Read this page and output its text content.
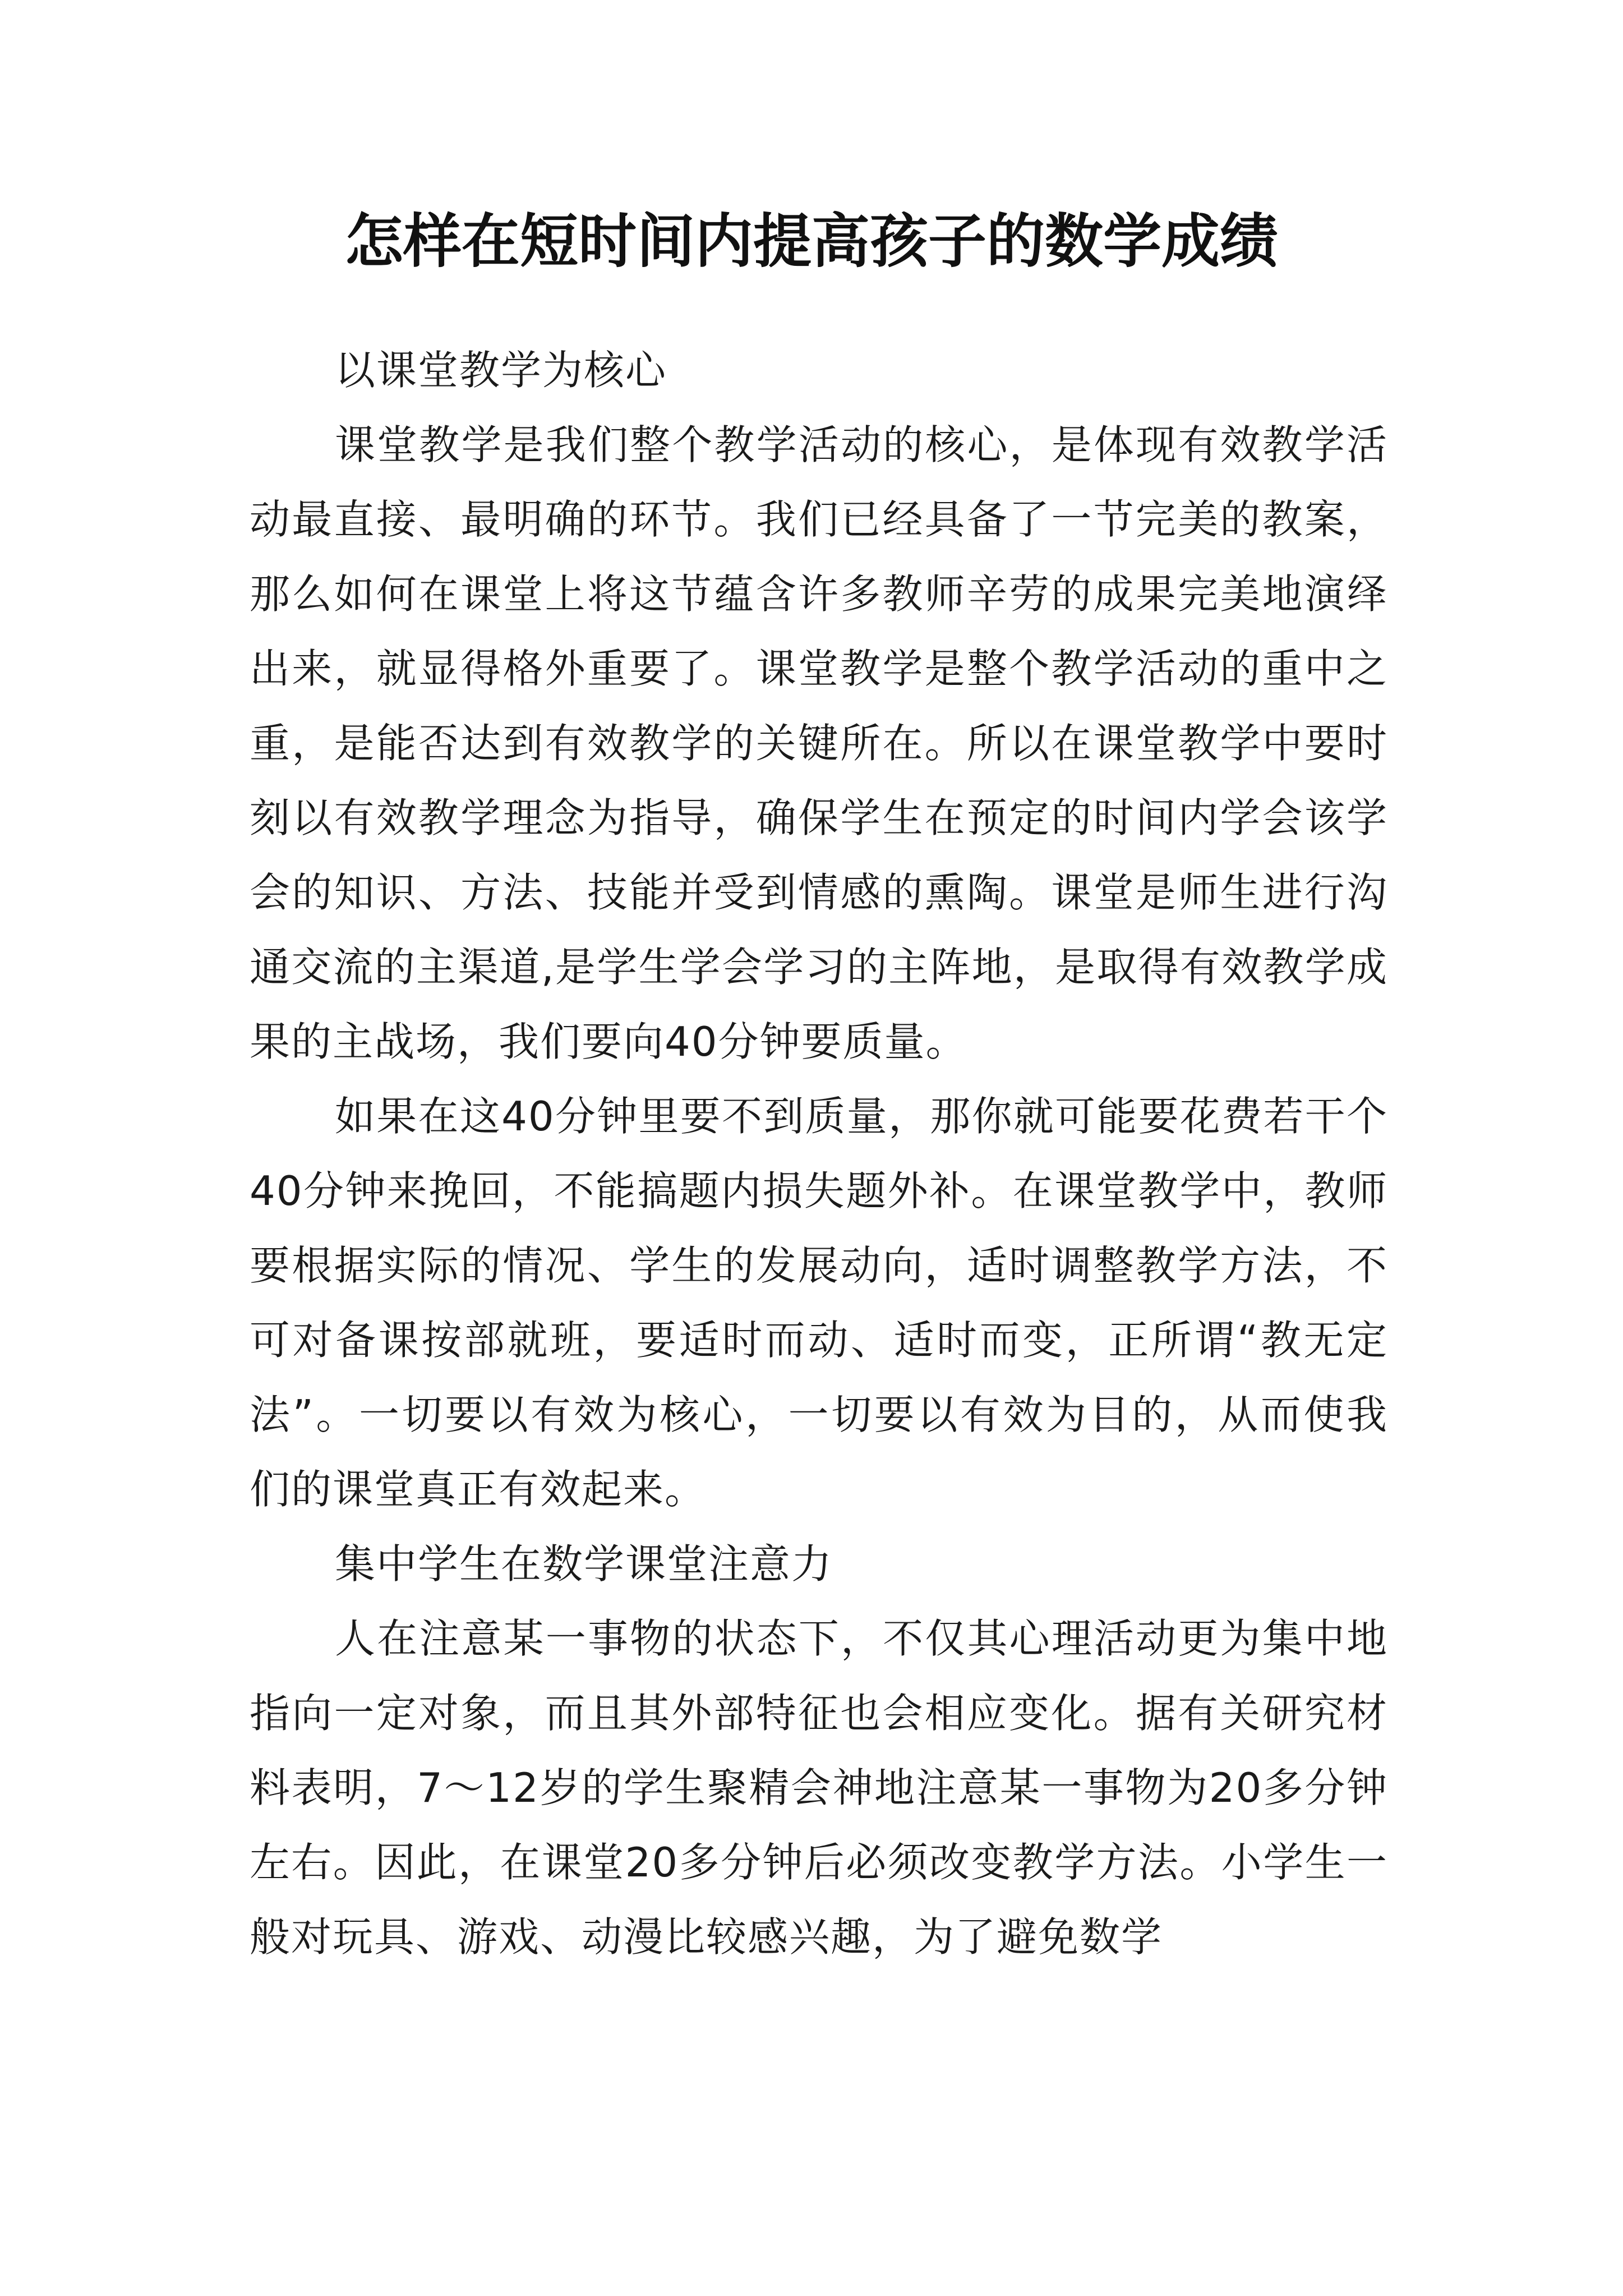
怎样在短时间内提高孩子的数学成绩

以课堂教学为核心

课堂教学是我们整个教学活动的核心，是体现有效教学活动最直接、最明确的环节。我们已经具备了一节完美的教案，那么如何在课堂上将这节蕴含许多教师辛劳的成果完美地演绎出来，就显得格外重要了。课堂教学是整个教学活动的重中之重，是能否达到有效教学的关键所在。所以在课堂教学中要时刻以有效教学理念为指导，确保学生在预定的时间内学会该学会的知识、方法、技能并受到情感的熏陶。课堂是师生进行沟通交流的主渠道,是学生学会学习的主阵地，是取得有效教学成果的主战场，我们要向40分钟要质量。

如果在这40分钟里要不到质量，那你就可能要花费若干个40分钟来挽回，不能搞题内损失题外补。在课堂教学中，教师要根据实际的情况、学生的发展动向，适时调整教学方法，不可对备课按部就班，要适时而动、适时而变，正所谓“教无定法”。一切要以有效为核心，一切要以有效为目的，从而使我们的课堂真正有效起来。

集中学生在数学课堂注意力

人在注意某一事物的状态下，不仅其心理活动更为集中地指向一定对象，而且其外部特征也会相应变化。据有关研究材料表明，7～12岁的学生聚精会神地注意某一事物为20多分钟左右。因此，在课堂20多分钟后必须改变教学方法。小学生一般对玩具、游戏、动漫比较感兴趣，为了避免数学
